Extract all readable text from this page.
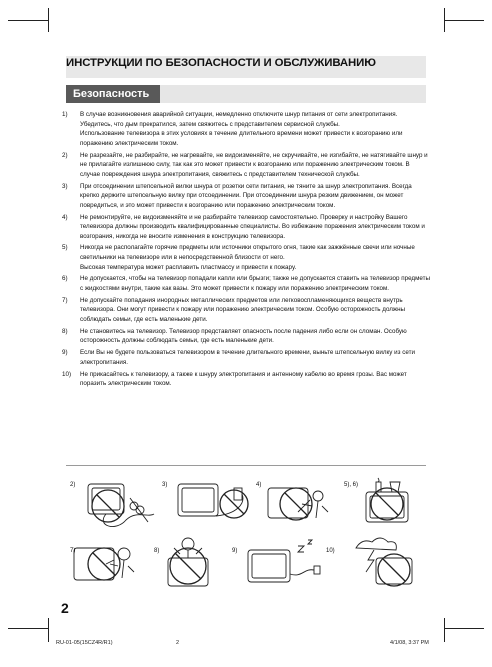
ИНСТРУКЦИИ ПО БЕЗОПАСНОСТИ И ОБСЛУЖИВАНИЮ
Безопасность
1) В случае возникновения аварийной ситуации, немедленно отключите шнур питания от сети электропитания.
Убедитесь, что дым прекратился, затем свяжитесь с представителем сервисной службы.
Использование телевизора в этих условиях в течение длительного времени может привести к возгоранию или поражению электрическим током.
2) Не разрезайте, не разбирайте, не нагревайте, не видоизменяйте, не скручивайте, не изгибайте, не натягивайте шнур и не прилагайте излишнюю силу, так как это может привести к возгоранию или поражению электрическим током. В случае повреждения шнура электропитания, свяжитесь с представителем технической службы.
3) При отсоединении штепсельной вилки шнура от розетки сети питания, не тяните за шнур электропитания. Всегда крепко держите штепсельную вилку при отсоединении. При отсоединении шнура резким движением, он может повредиться, и это может привести к возгоранию или поражению электрическим током.
4) Не ремонтируйте, не видоизменяйте и не разбирайте телевизор самостоятельно. Проверку и настройку Вашего телевизора должны производить квалифицированные специалисты. Во избежание поражения электрическим током и возгорания, никогда не вносите изменения в конструкцию телевизора.
5) Никогда не располагайте горячие предметы или источники открытого огня, такие как зажжённые свечи или ночные светильники на телевизоре или в непосредственной близости от него.
Высокая температура может расплавить пластмассу и привести к пожару.
6) Не допускается, чтобы на телевизор попадали капли или брызги; также не допускается ставить на телевизор предметы с жидкостями внутри, такие как вазы. Это может привести к пожару или поражению электрическим током.
7) Не допускайте попадания инородных металлических предметов или легковоспламеняющихся веществ внутрь телевизора. Они могут привести к пожару или поражению электрическим током. Особую осторожность должны соблюдать семьи, где есть маленькие дети.
8) Не становитесь на телевизор. Телевизор представляет опасность после падения либо если он сломан. Особую осторожность должны соблюдать семьи, где есть маленькие дети.
9) Если Вы не будете пользоваться телевизором в течение длительного времени, выньте штепсельную вилку из сети электропитания.
10) Не прикасайтесь к телевизору, а также к шнуру электропитания и антенному кабелю во время грозы. Вас может поразить электрическим током.
2)	3)	4)	5), 6)
7)	8)	9)	10)
2
RU-01-05(15CZ4R/R1)	2	4/1/08, 3:37 PM
